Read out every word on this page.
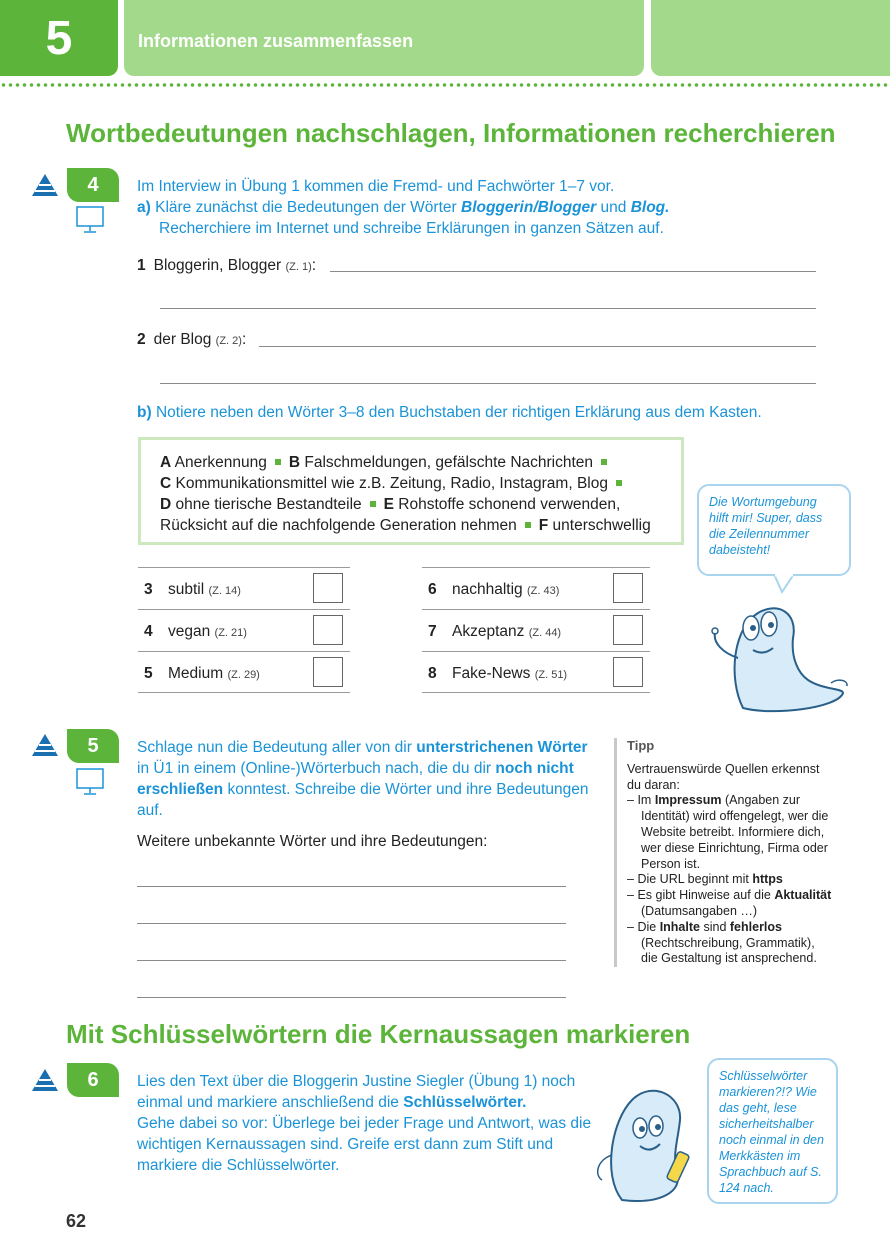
5	Informationen zusammenfassen
Wortbedeutungen nachschlagen, Informationen recherchieren
4 Im Interview in Übung 1 kommen die Fremd- und Fachwörter 1–7 vor.
a) Kläre zunächst die Bedeutungen der Wörter Bloggerin/Blogger und Blog.
Recherchiere im Internet und schreibe Erklärungen in ganzen Sätzen auf.
1 Bloggerin, Blogger (Z. 1):
2 der Blog (Z. 2):
b) Notiere neben den Wörter 3–8 den Buchstaben der richtigen Erklärung aus dem Kasten.
A Anerkennung B Falschmeldungen, gefälschte Nachrichten
C Kommunikationsmittel wie z.B. Zeitung, Radio, Instagram, Blog
D ohne tierische Bestandteile E Rohstoffe schonend verwenden,
Rücksicht auf die nachfolgende Generation nehmen F unterschwellig
3 subtil (Z. 14)
4 vegan (Z. 21)
5 Medium (Z. 29)
6 nachhaltig (Z. 43)
7 Akzeptanz (Z. 44)
8 Fake-News (Z. 51)
Die Wortumgebung hilft mir! Super, dass die Zeilennummer dabeisteht!
5 Schlage nun die Bedeutung aller von dir unterstrichenen Wörter
in Ü1 in einem (Online-)Wörterbuch nach, die du dir noch nicht
erschließen konntest. Schreibe die Wörter und ihre Bedeutungen
auf.
Weitere unbekannte Wörter und ihre Bedeutungen:
Tipp
Vertrauenswürde Quellen erkennst du daran:
– Im Impressum (Angaben zur Identität) wird offengelegt, wer die Website betreibt. Informiere dich, wer diese Einrichtung, Firma oder Person ist.
– Die URL beginnt mit https
– Es gibt Hinweise auf die Aktualität (Datumsangaben …)
– Die Inhalte sind fehlerlos (Rechtschreibung, Grammatik), die Gestaltung ist ansprechend.
Mit Schlüsselwörtern die Kernaussagen markieren
6 Lies den Text über die Bloggerin Justine Siegler (Übung 1) noch
einmal und markiere anschließend die Schlüsselwörter.
Gehe dabei so vor: Überlege bei jeder Frage und Antwort, was die
wichtigen Kernaussagen sind. Greife erst dann zum Stift und
markiere die Schlüsselwörter.
Schlüsselwörter markieren?!? Wie das geht, lese sicherheitshalber noch einmal in den Merkkästen im Sprachbuch auf S. 124 nach.
62
